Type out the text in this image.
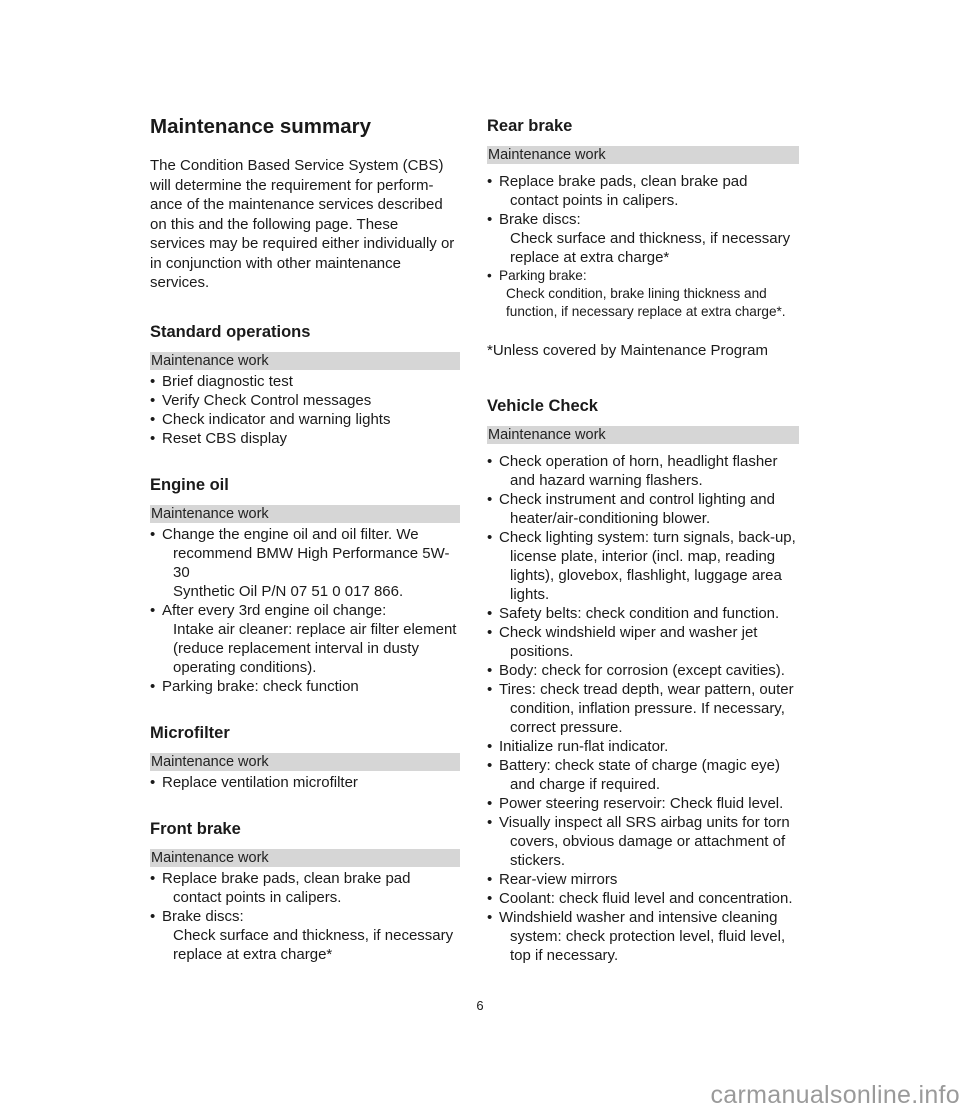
Maintenance summary

The Condition Based Service System (CBS)
will determine the requirement for perform-
ance of the maintenance services described
on this and the following page. These
services may be required either individually or
in conjunction with other maintenance
services.

Standard operations
Maintenance work
• Brief diagnostic test
• Verify Check Control messages
• Check indicator and warning lights
• Reset CBS display
Engine oil
Maintenance work
• Change the engine oil and oil filter. We
recommend BMW High Performance 5W-30
Synthetic Oil P/N 07 51 0 017 866.
• After every 3rd engine oil change:
Intake air cleaner: replace air filter element
(reduce replacement interval in dusty
operating conditions).
• Parking brake: check function
Microfilter
Maintenance work
• Replace ventilation microfilter
Front brake
Maintenance work
• Replace brake pads, clean brake pad
contact points in calipers.
• Brake discs:
Check surface and thickness, if necessary
replace at extra charge*
Rear brake
Maintenance work
• Replace brake pads, clean brake pad
contact points in calipers.
• Brake discs:
Check surface and thickness, if necessary
replace at extra charge*
• Parking brake:
Check condition, brake lining thickness and
function, if necessary replace at extra charge*.

*Unless covered by Maintenance Program

Vehicle Check
Maintenance work
• Check operation of horn, headlight flasher
and hazard warning flashers.
• Check instrument and control lighting and
heater/air-conditioning blower.
• Check lighting system: turn signals, back-up,
license plate, interior (incl. map, reading
lights), glovebox, flashlight, luggage area
lights.
• Safety belts: check condition and function.
• Check windshield wiper and washer jet
positions.
• Body: check for corrosion (except cavities).
• Tires: check tread depth, wear pattern, outer
condition, inflation pressure. If necessary,
correct pressure.
• Initialize run-flat indicator.
• Battery: check state of charge (magic eye)
and charge if required.
• Power steering reservoir: Check fluid level.
• Visually inspect all SRS airbag units for torn
covers, obvious damage or attachment of
stickers.
• Rear-view mirrors
• Coolant: check fluid level and concentration.
• Windshield washer and intensive cleaning
system: check protection level, fluid level,
top if necessary.
6
carmanualsonline.info
